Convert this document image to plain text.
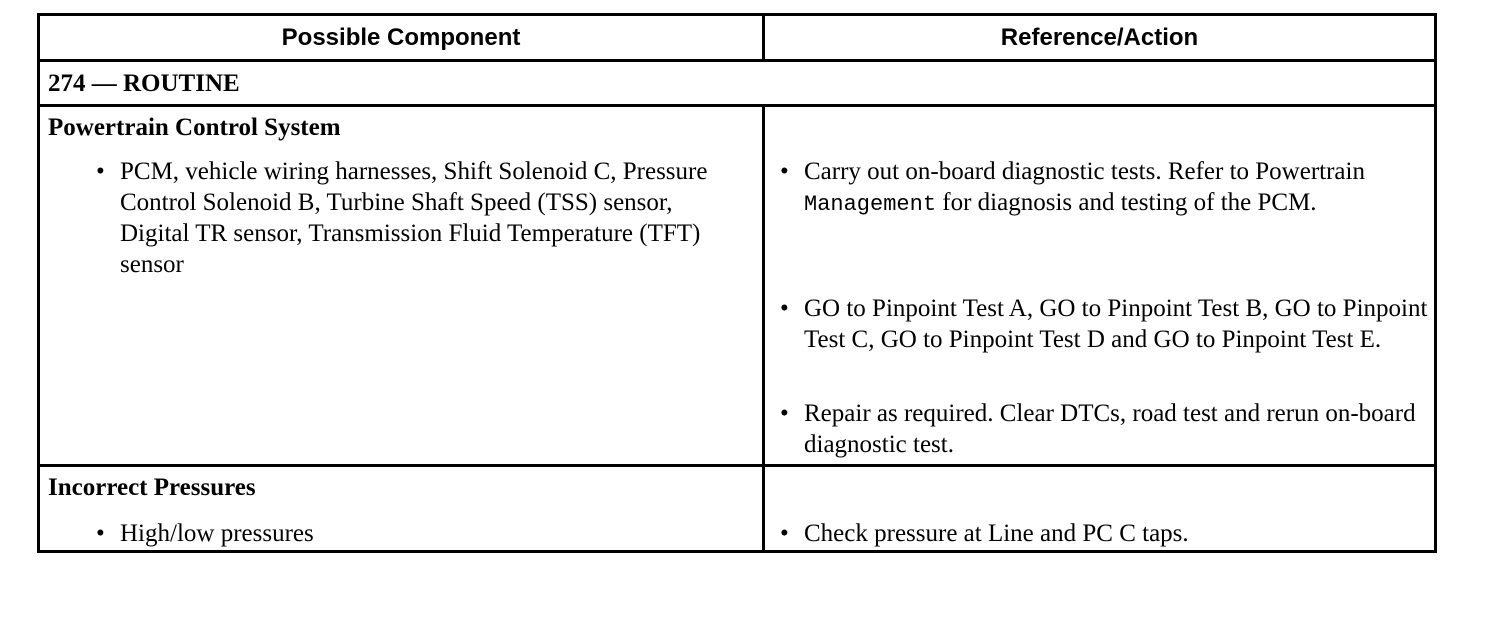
Possible Component	Reference/Action
274 — ROUTINE
Powertrain Control System
• PCM, vehicle wiring harnesses, Shift Solenoid C, Pressure Control Solenoid B, Turbine Shaft Speed (TSS) sensor, Digital TR sensor, Transmission Fluid Temperature (TFT) sensor
• Carry out on-board diagnostic tests. Refer to Powertrain Management for diagnosis and testing of the PCM.
• GO to Pinpoint Test A, GO to Pinpoint Test B, GO to Pinpoint Test C, GO to Pinpoint Test D and GO to Pinpoint Test E.
• Repair as required. Clear DTCs, road test and rerun on-board diagnostic test.
Incorrect Pressures
• High/low pressures	• Check pressure at Line and PC C taps.
